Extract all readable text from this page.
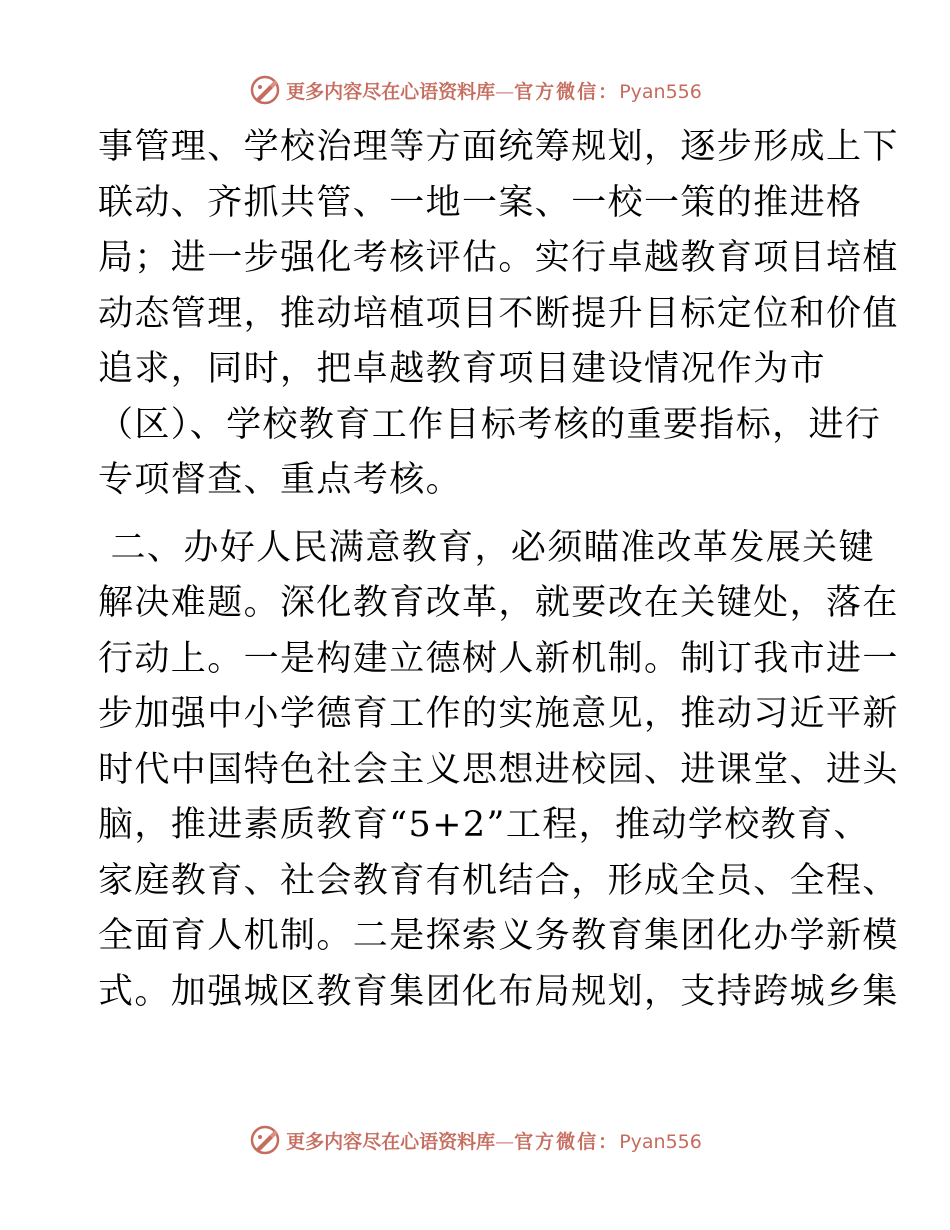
更多内容尽在心语资料库—官方微信：Pyan556
事管理、学校治理等方面统筹规划，逐步形成上下
联动、齐抓共管、一地一案、一校一策的推进格
局；进一步强化考核评估。实行卓越教育项目培植
动态管理，推动培植项目不断提升目标定位和价值
追求，同时，把卓越教育项目建设情况作为市
（区）、学校教育工作目标考核的重要指标，进行
专项督查、重点考核。
二、办好人民满意教育，必须瞄准改革发展关键
解决难题。深化教育改革，就要改在关键处，落在
行动上。一是构建立德树人新机制。制订我市进一
步加强中小学德育工作的实施意见，推动习近平新
时代中国特色社会主义思想进校园、进课堂、进头
脑，推进素质教育“5+2”工程，推动学校教育、
家庭教育、社会教育有机结合，形成全员、全程、
全面育人机制。二是探索义务教育集团化办学新模
式。加强城区教育集团化布局规划，支持跨城乡集
更多内容尽在心语资料库—官方微信：Pyan556
